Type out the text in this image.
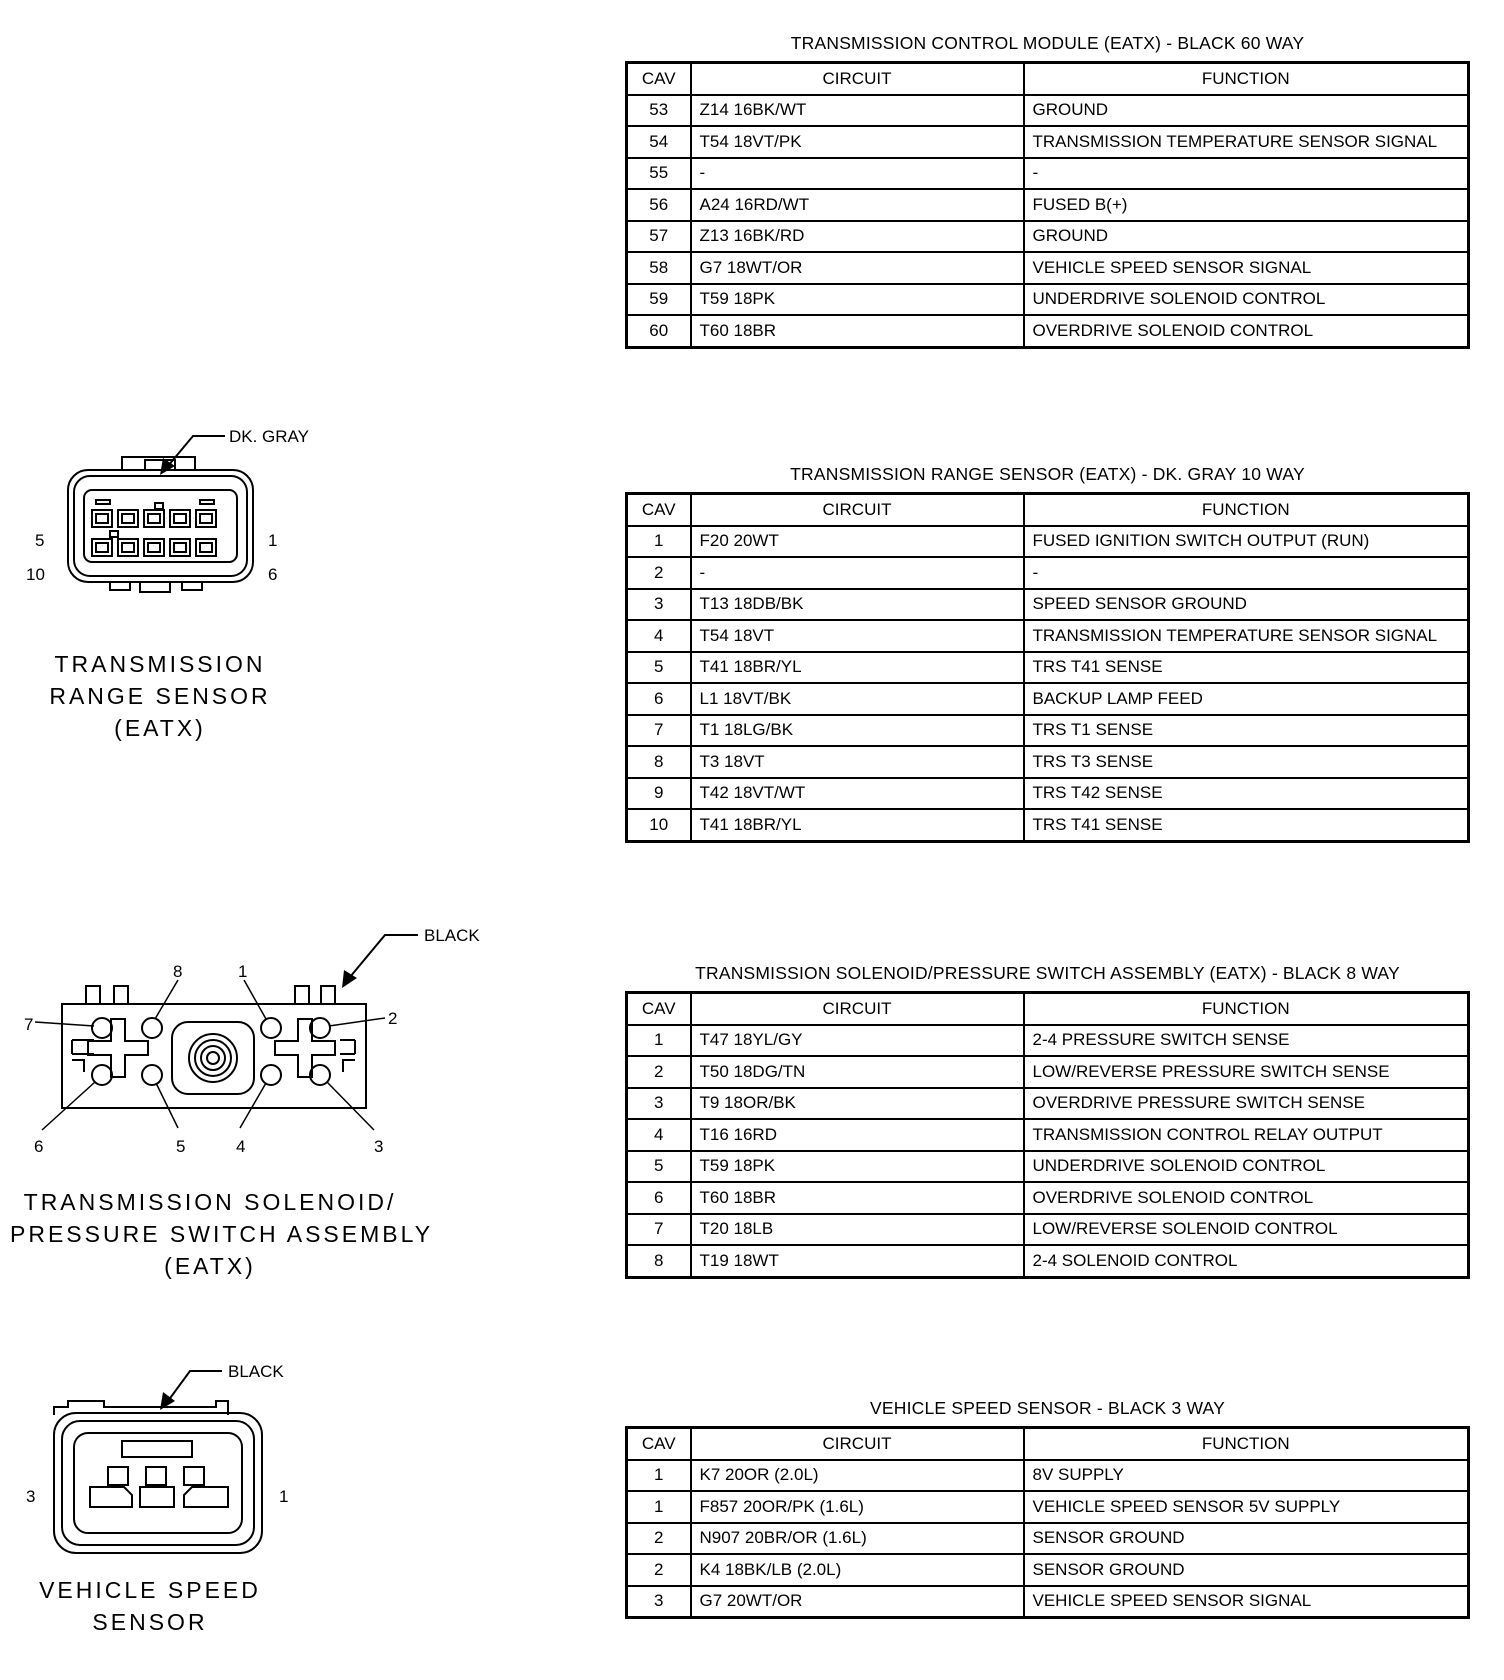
TRANSMISSION CONTROL MODULE (EATX) - BLACK 60 WAY
CAV	CIRCUIT	FUNCTION
53	Z14 16BK/WT	GROUND
54	T54 18VT/PK	TRANSMISSION TEMPERATURE SENSOR SIGNAL
55	-	-
56	A24 16RD/WT	FUSED B(+)
57	Z13 16BK/RD	GROUND
58	G7 18WT/OR	VEHICLE SPEED SENSOR SIGNAL
59	T59 18PK	UNDERDRIVE SOLENOID CONTROL
60	T60 18BR	OVERDRIVE SOLENOID CONTROL
TRANSMISSION RANGE SENSOR (EATX) - DK. GRAY 10 WAY
CAV	CIRCUIT	FUNCTION
1	F20 20WT	FUSED IGNITION SWITCH OUTPUT (RUN)
2	-	-
3	T13 18DB/BK	SPEED SENSOR GROUND
4	T54 18VT	TRANSMISSION TEMPERATURE SENSOR SIGNAL
5	T41 18BR/YL	TRS T41 SENSE
6	L1 18VT/BK	BACKUP LAMP FEED
7	T1 18LG/BK	TRS T1 SENSE
8	T3 18VT	TRS T3 SENSE
9	T42 18VT/WT	TRS T42 SENSE
10	T41 18BR/YL	TRS T41 SENSE
TRANSMISSION SOLENOID/PRESSURE SWITCH ASSEMBLY (EATX) - BLACK 8 WAY
CAV	CIRCUIT	FUNCTION
1	T47 18YL/GY	2-4 PRESSURE SWITCH SENSE
2	T50 18DG/TN	LOW/REVERSE PRESSURE SWITCH SENSE
3	T9 18OR/BK	OVERDRIVE PRESSURE SWITCH SENSE
4	T16 16RD	TRANSMISSION CONTROL RELAY OUTPUT
5	T59 18PK	UNDERDRIVE SOLENOID CONTROL
6	T60 18BR	OVERDRIVE SOLENOID CONTROL
7	T20 18LB	LOW/REVERSE SOLENOID CONTROL
8	T19 18WT	2-4 SOLENOID CONTROL
VEHICLE SPEED SENSOR - BLACK 3 WAY
CAV	CIRCUIT	FUNCTION
1	K7 20OR (2.0L)	8V SUPPLY
1	F857 20OR/PK (1.6L)	VEHICLE SPEED SENSOR 5V SUPPLY
2	N907 20BR/OR (1.6L)	SENSOR GROUND
2	K4 18BK/LB (2.0L)	SENSOR GROUND
3	G7 20WT/OR	VEHICLE SPEED SENSOR SIGNAL
DK. GRAY
5	1
10	6
TRANSMISSION
RANGE SENSOR
(EATX)
BLACK
7
8	1
2
6	5	4	3
TRANSMISSION SOLENOID/
PRESSURE SWITCH ASSEMBLY
(EATX)
BLACK
3	1
VEHICLE SPEED
SENSOR
